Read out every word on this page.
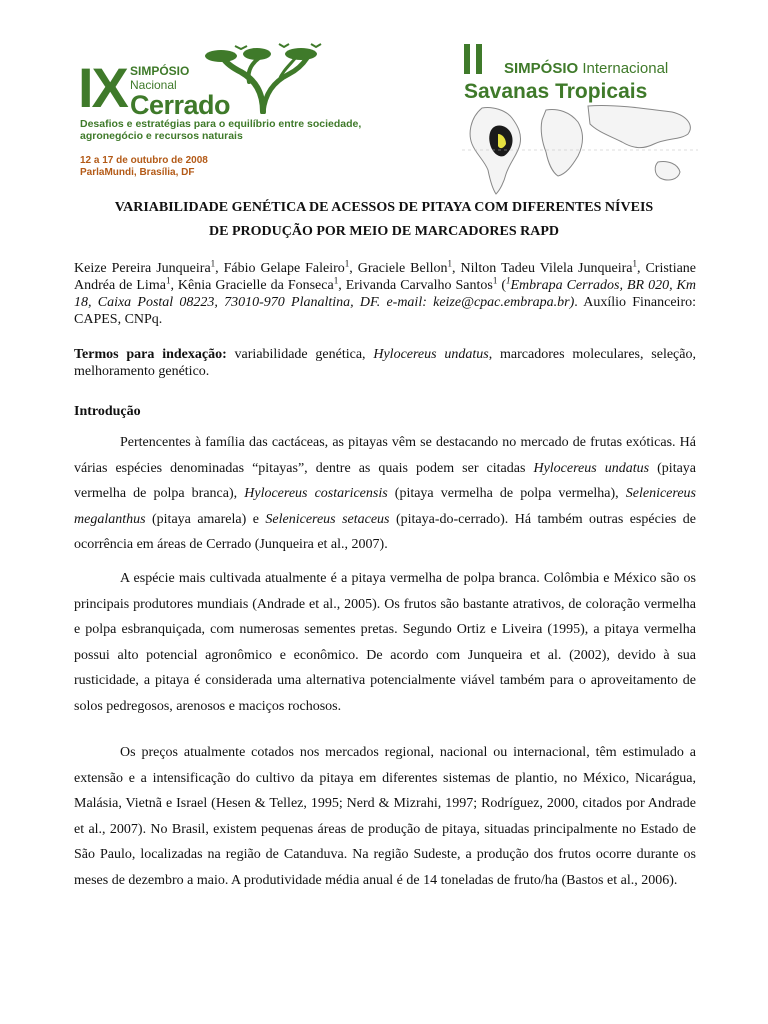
IX SIMPÓSIO
Nacional
Cerrado
Desafios e estratégias para o equilíbrio entre sociedade, agronegócio e recursos naturais
12 a 17 de outubro de 2008
ParlaMundi, Brasília, DF
SIMPÓSIO Internacional
Savanas Tropicais
VARIABILIDADE GENÉTICA DE ACESSOS DE PITAYA COM DIFERENTES NÍVEIS
DE PRODUÇÃO POR MEIO DE MARCADORES RAPD
Keize Pereira Junqueira$^1$, Fábio Gelape Faleiro$^1$, Graciele Bellon$^1$, Nilton Tadeu Vilela Junqueira$^1$, Cristiane Andréa de Lima$^1$, Kênia Gracielle da Fonseca$^1$, Erivanda Carvalho Santos$^1$ ($^1$Embrapa Cerrados, BR 020, Km 18, Caixa Postal 08223, 73010-970 Planaltina, DF. e-mail: keize@cpac.embrapa.br). Auxílio Financeiro: CAPES, CNPq.
Termos para indexação: variabilidade genética, Hylocereus undatus, marcadores moleculares, seleção, melhoramento genético.
Introdução
Pertencentes à família das cactáceas, as pitayas vêm se destacando no mercado de frutas exóticas. Há várias espécies denominadas “pitayas”, dentre as quais podem ser citadas Hylocereus undatus (pitaya vermelha de polpa branca), Hylocereus costaricensis (pitaya vermelha de polpa vermelha), Selenicereus megalanthus (pitaya amarela) e Selenicereus setaceus (pitaya-do-cerrado). Há também outras espécies de ocorrência em áreas de Cerrado (Junqueira et al., 2007).
A espécie mais cultivada atualmente é a pitaya vermelha de polpa branca. Colômbia e México são os principais produtores mundiais (Andrade et al., 2005). Os frutos são bastante atrativos, de coloração vermelha e polpa esbranquiçada, com numerosas sementes pretas. Segundo Ortiz e Liveira (1995), a pitaya vermelha possui alto potencial agronômico e econômico. De acordo com Junqueira et al. (2002), devido à sua rusticidade, a pitaya é considerada uma alternativa potencialmente viável também para o aproveitamento de solos pedregosos, arenosos e maciços rochosos.
Os preços atualmente cotados nos mercados regional, nacional ou internacional, têm estimulado a extensão e a intensificação do cultivo da pitaya em diferentes sistemas de plantio, no México, Nicarágua, Malásia, Vietnã e Israel (Hesen & Tellez, 1995; Nerd & Mizrahi, 1997; Rodríguez, 2000, citados por Andrade et al., 2007). No Brasil, existem pequenas áreas de produção de pitaya, situadas principalmente no Estado de São Paulo, localizadas na região de Catanduva. Na região Sudeste, a produção dos frutos ocorre durante os meses de dezembro a maio. A produtividade média anual é de 14 toneladas de fruto/ha (Bastos et al., 2006).
